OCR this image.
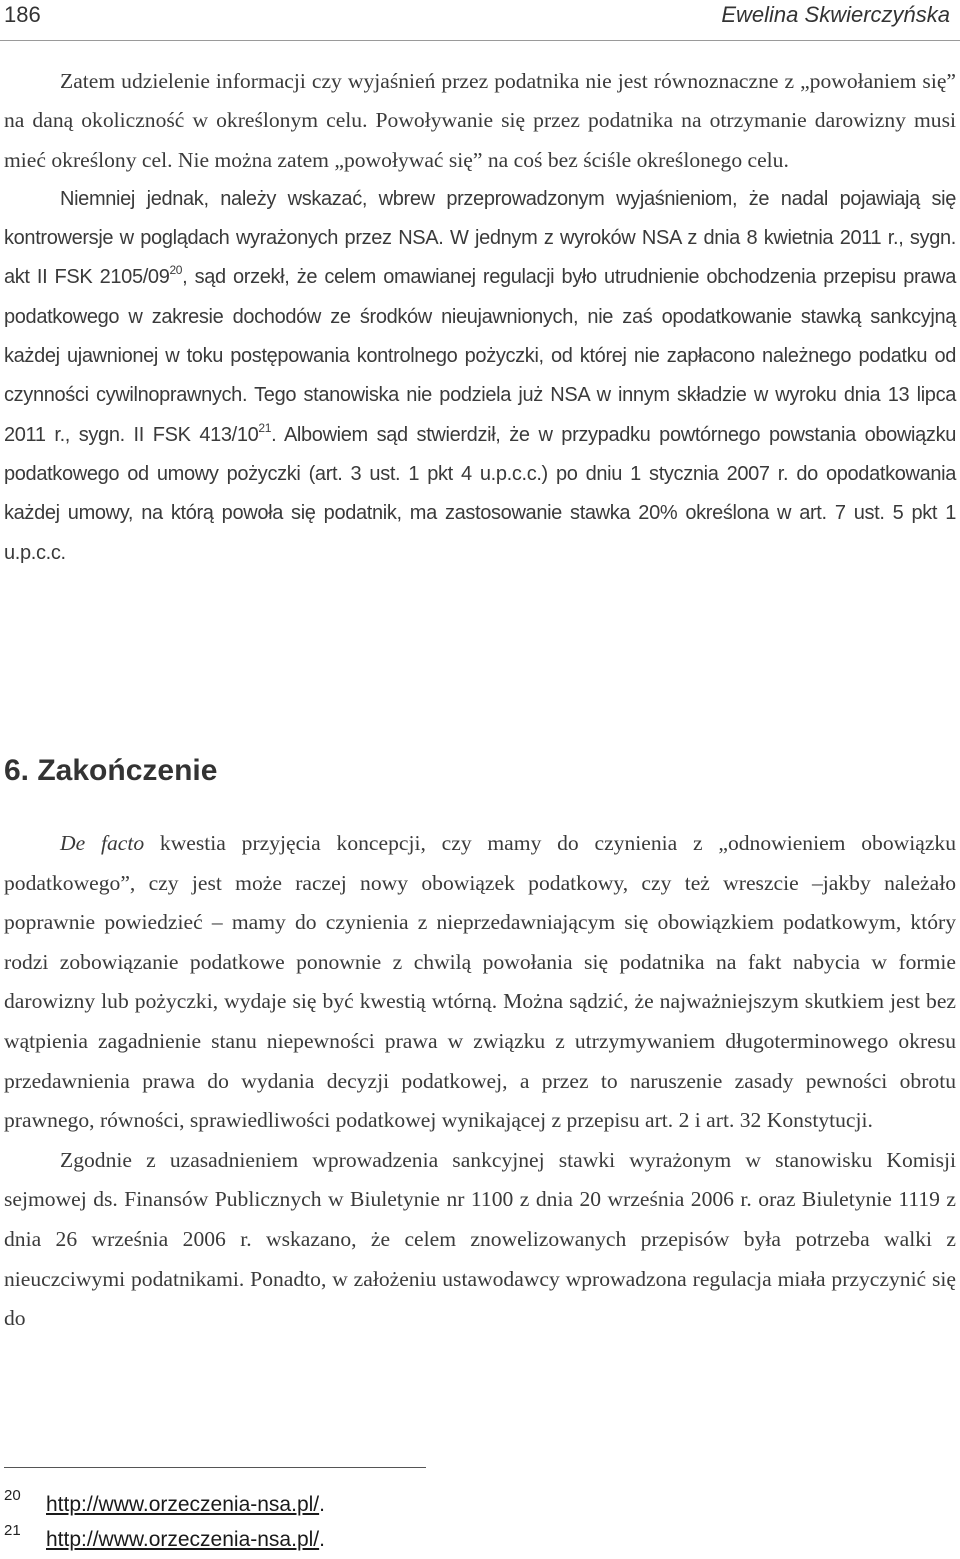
186	Ewelina Skwierczyńska

Zatem udzielenie informacji czy wyjaśnień przez podatnika nie jest równoznaczne z „powołaniem się” na daną okoliczność w określonym celu. Powoływanie się przez podatnika na otrzymanie darowizny musi mieć określony cel. Nie można zatem „powoływać się” na coś bez ściśle określonego celu.

Niemniej jednak, należy wskazać, wbrew przeprowadzonym wyjaśnieniom, że nadal pojawiają się kontrowersje w poglądach wyrażonych przez NSA. W jednym z wyroków NSA z dnia 8 kwietnia 2011 r., sygn. akt II FSK $2105/09^{20}$, sąd orzekł, że celem omawianej regulacji było utrudnienie obchodzenia przepisu prawa podatkowego w zakresie dochodów ze środków nieujawnionych, nie zaś opodatkowanie stawką sankcyjną każdej ujawnionej w toku postępowania kontrolnego pożyczki, od której nie zapłacono należnego podatku od czynności cywilnoprawnych. Tego stanowiska nie podziela już NSA w innym składzie w wyroku dnia 13 lipca 2011 r., sygn. II FSK $413/10^{21}$. Albowiem sąd stwierdził, że w przypadku powtórnego powstania obowiązku podatkowego od umowy pożyczki (art. 3 ust. 1 pkt 4 u.p.c.c.) po dniu 1 stycznia 2007 r. do opodatkowania każdej umowy, na którą powoła się podatnik, ma zastosowanie stawka 20% określona w art. 7 ust. 5 pkt 1 u.p.c.c.

6. Zakończenie

De facto kwestia przyjęcia koncepcji, czy mamy do czynienia z „odnowieniem obowiązku podatkowego”, czy jest może raczej nowy obowiązek podatkowy, czy też wreszcie –jakby należało poprawnie powiedzieć – mamy do czynienia z nieprzedawniającym się obowiązkiem podatkowym, który rodzi zobowiązanie podatkowe ponownie z chwilą powołania się podatnika na fakt nabycia w formie darowizny lub pożyczki, wydaje się być kwestią wtórną. Można sądzić, że najważniejszym skutkiem jest bez wątpienia zagadnienie stanu niepewności prawa w związku z utrzymywaniem długoterminowego okresu przedawnienia prawa do wydania decyzji podatkowej, a przez to naruszenie zasady pewności obrotu prawnego, równości, sprawiedliwości podatkowej wynikającej z przepisu art. 2 i art. 32 Konstytucji.

Zgodnie z uzasadnieniem wprowadzenia sankcyjnej stawki wyrażonym w stanowisku Komisji sejmowej ds. Finansów Publicznych w Biuletynie nr 1100 z dnia 20 września 2006 r. oraz Biuletynie 1119 z dnia 26 września 2006 r. wskazano, że celem znowelizowanych przepisów była potrzeba walki z nieuczciwymi podatnikami. Ponadto, w założeniu ustawodawcy wprowadzona regulacja miała przyczynić się do

20 http://www.orzeczenia-nsa.pl/.
21 http://www.orzeczenia-nsa.pl/.
